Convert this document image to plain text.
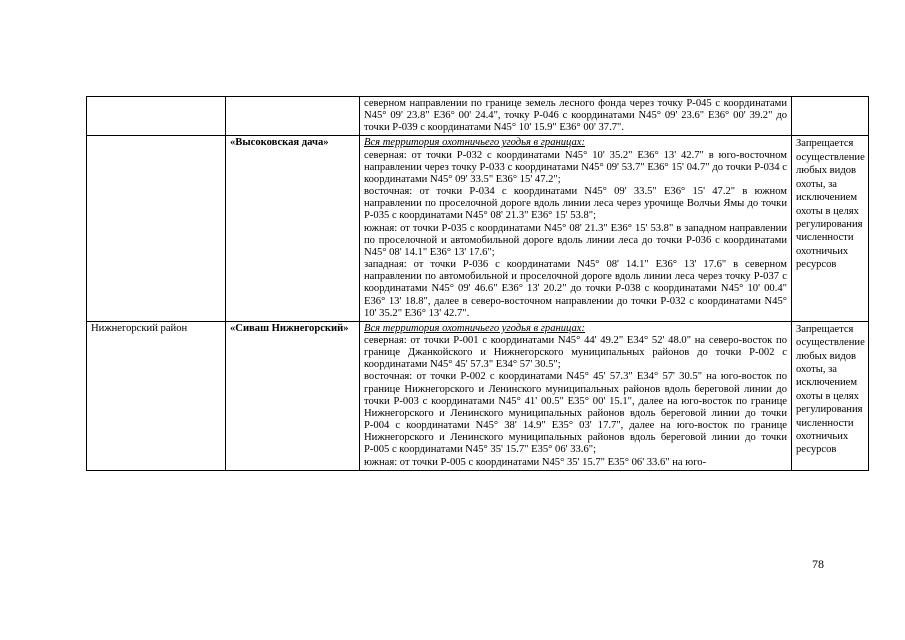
		северном направлении по границе земель лесного фонда через точку Р-045 с координатами N45° 09' 23.8" Е36° 00' 24.4", точку Р-046 с координатами N45° 09' 23.6" Е36° 00' 39.2" до точки Р-039 с координатами N45° 10' 15.9" Е36° 00' 37.7".	

	«Высоковская дача»	Вся территория охотничьего угодья в границах:
северная: от точки Р-032 с координатами N45° 10' 35.2" Е36° 13' 42.7" в юго-восточном направлении через точку Р-033 с координатами N45° 09' 53.7" Е36° 15' 04.7" до точки Р-034 с координатами N45° 09' 33.5" Е36° 15' 47.2";
восточная: от точки Р-034 с координатами N45° 09' 33.5" Е36° 15' 47.2" в южном направлении по проселочной дороге вдоль линии леса через урочище Волчьи Ямы до точки Р-035 с координатами N45° 08' 21.3" Е36° 15' 53.8";
южная: от точки Р-035 с координатами N45° 08' 21.3" Е36° 15' 53.8" в западном направлении по проселочной и автомобильной дороге вдоль линии леса до точки Р-036 с координатами N45° 08' 14.1" Е36° 13' 17.6";
западная: от точки Р-036 с координатами N45° 08' 14.1" Е36° 13' 17.6" в северном направлении по автомобильной и проселочной дороге вдоль линии леса через точку Р-037 с координатами N45° 09' 46.6" Е36° 13' 20.2" до точки Р-038 с координатами N45° 10' 00.4" Е36° 13' 18.8", далее в северо-восточном направлении до точки Р-032 с координатами N45° 10' 35.2" Е36° 13' 42.7".	Запрещается осуществление любых видов охоты, за исключением охоты в целях регулирования численности охотничьих ресурсов

Нижнегорский район	«Сиваш Нижнегорский»	Вся территория охотничьего угодья в границах:
северная: от точки Р-001 с координатами N45° 44' 49.2" Е34° 52' 48.0" на северо-восток по границе Джанкойского и Нижнегорского муниципальных районов до точки Р-002 с координатами N45° 45' 57.3" Е34° 57' 30.5";
восточная: от точки Р-002 с координатами N45° 45' 57.3" Е34° 57' 30.5" на юго-восток по границе Нижнегорского и Ленинского муниципальных районов вдоль береговой линии до точки Р-003 с координатами N45° 41' 00.5" Е35° 00' 15.1", далее на юго-восток по границе Нижнегорского и Ленинского муниципальных районов вдоль береговой линии до точки Р-004 с координатами N45° 38' 14.9" Е35° 03' 17.7", далее на юго-восток по границе Нижнегорского и Ленинского муниципальных районов вдоль береговой линии до точки Р-005 с координатами N45° 35' 15.7" Е35° 06' 33.6";
южная: от точки Р-005 с координатами N45° 35' 15.7" Е35° 06' 33.6" на юго-	Запрещается осуществление любых видов охоты, за исключением охоты в целях регулирования численности охотничьих ресурсов
78
